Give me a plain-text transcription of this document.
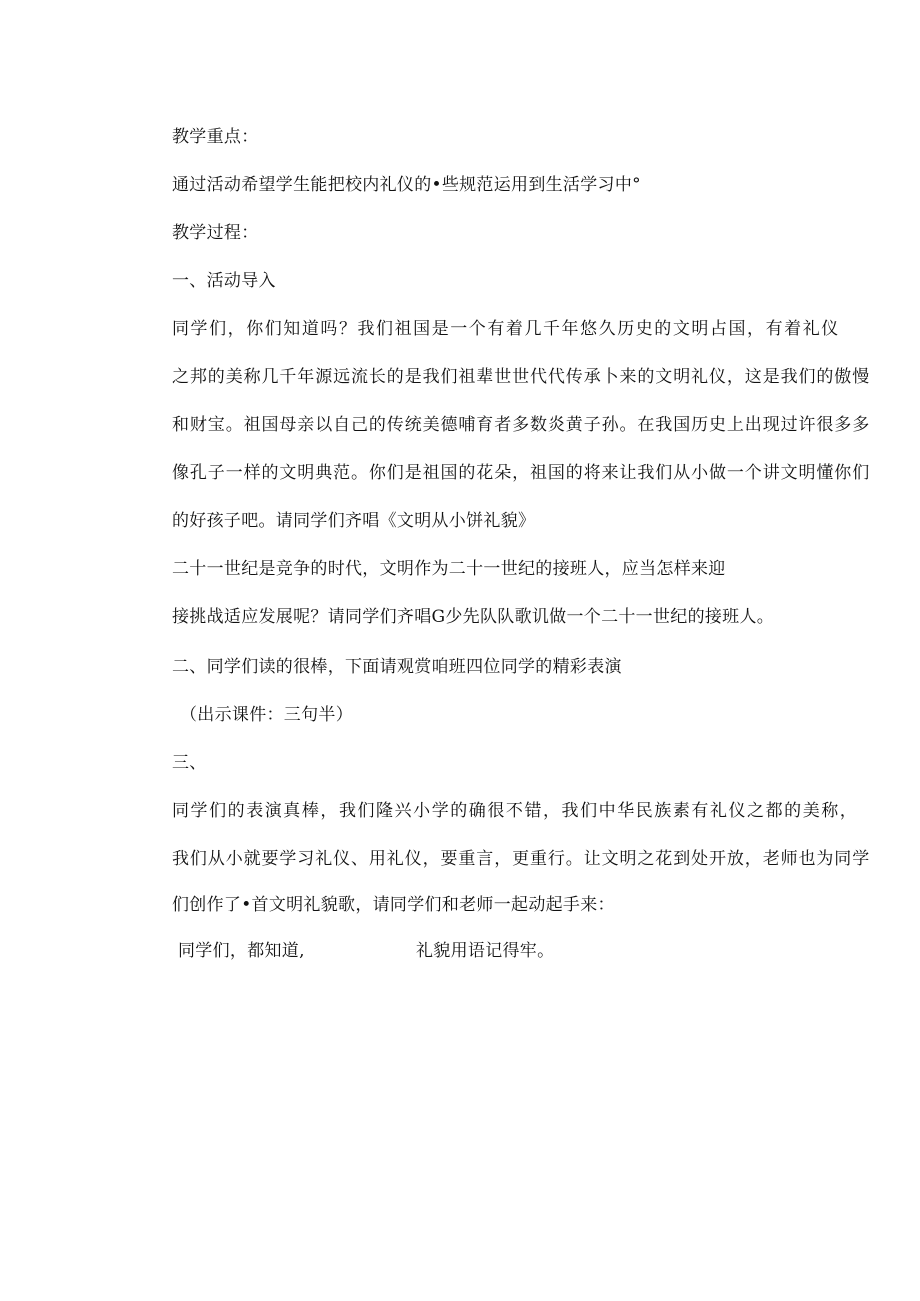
教学重点：
通过活动希望学生能把校内礼仪的•些规范运用到生活学习中°
教学过程：
一、活动导入
同学们，你们知道吗？我们祖国是一个有着几千年悠久历史的文明占国，有着礼仪
之邦的美称几千年源远流长的是我们祖辈世世代代传承卜来的文明礼仪，这是我们的傲慢
和财宝。祖国母亲以自己的传统美德哺育者多数炎黄子孙。在我国历史上出现过许很多多
像孔子一样的文明典范。你们是祖国的花朵，祖国的将来让我们从小做一个讲文明懂你们
的好孩子吧。请同学们齐唱《文明从小饼礼貌》
二十一世纪是竞争的时代，文明作为二十一世纪的接班人，应当怎样来迎
接挑战适应发展呢？请同学们齐唱G少先队队歌讥做一个二十一世纪的接班人。
二、同学们读的很棒，下面请观赏咱班四位同学的精彩表演
（出示课件：三句半）
三、
同学们的表演真棒，我们隆兴小学的确很不错，我们中华民族素有礼仪之都的美称，
我们从小就要学习礼仪、用礼仪，要重言，更重行。让文明之花到处开放，老师也为同学
们创作了•首文明礼貌歌，请同学们和老师一起动起手来：
同学们，都知道,	礼貌用语记得牢。
